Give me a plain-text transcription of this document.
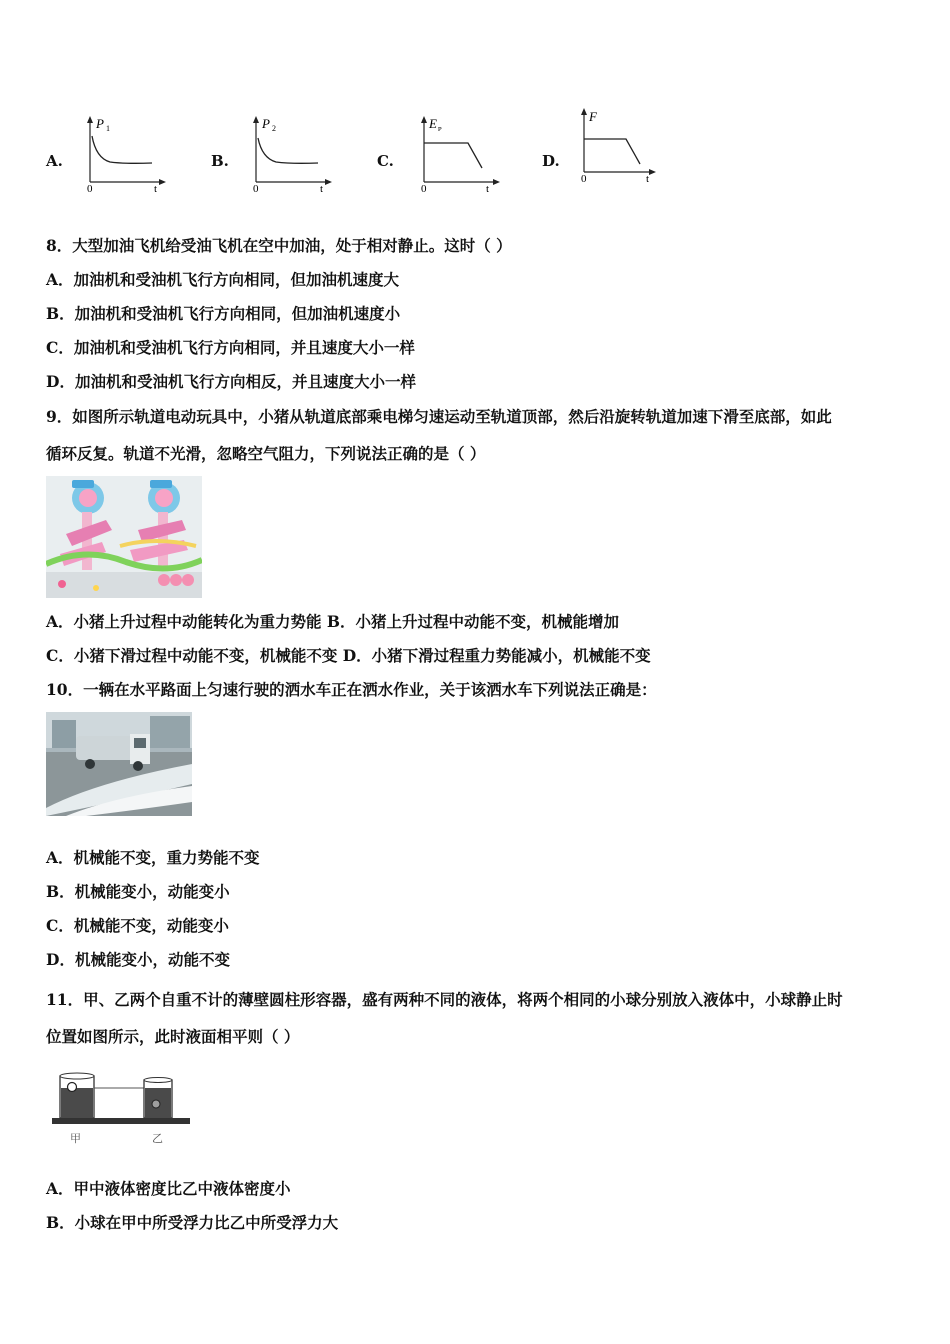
A.
P 1
0	t
B.
P 2
0	t
C.
E ᴘ
0	t
D.
F
0	t
8．大型加油飞机给受油飞机在空中加油，处于相对静止。这时（ ）
A．加油机和受油机飞行方向相同，但加油机速度大
B．加油机和受油机飞行方向相同，但加油机速度小
C．加油机和受油机飞行方向相同，并且速度大小一样
D．加油机和受油机飞行方向相反，并且速度大小一样
9．如图所示轨道电动玩具中，小猪从轨道底部乘电梯匀速运动至轨道顶部，然后沿旋转轨道加速下滑至底部，如此
循环反复。轨道不光滑，忽略空气阻力，下列说法正确的是（ ）
A．小猪上升过程中动能转化为重力势能 B．小猪上升过程中动能不变，机械能增加
C．小猪下滑过程中动能不变，机械能不变 D．小猪下滑过程重力势能减小，机械能不变
10．一辆在水平路面上匀速行驶的洒水车正在洒水作业，关于该洒水车下列说法正确是：
A．机械能不变，重力势能不变
B．机械能变小，动能变小
C．机械能不变，动能变小
D．机械能变小，动能不变
11．甲、乙两个自重不计的薄壁圆柱形容器，盛有两种不同的液体，将两个相同的小球分别放入液体中，小球静止时
位置如图所示，此时液面相平则（ ）
甲	乙
A．甲中液体密度比乙中液体密度小
B．小球在甲中所受浮力比乙中所受浮力大
